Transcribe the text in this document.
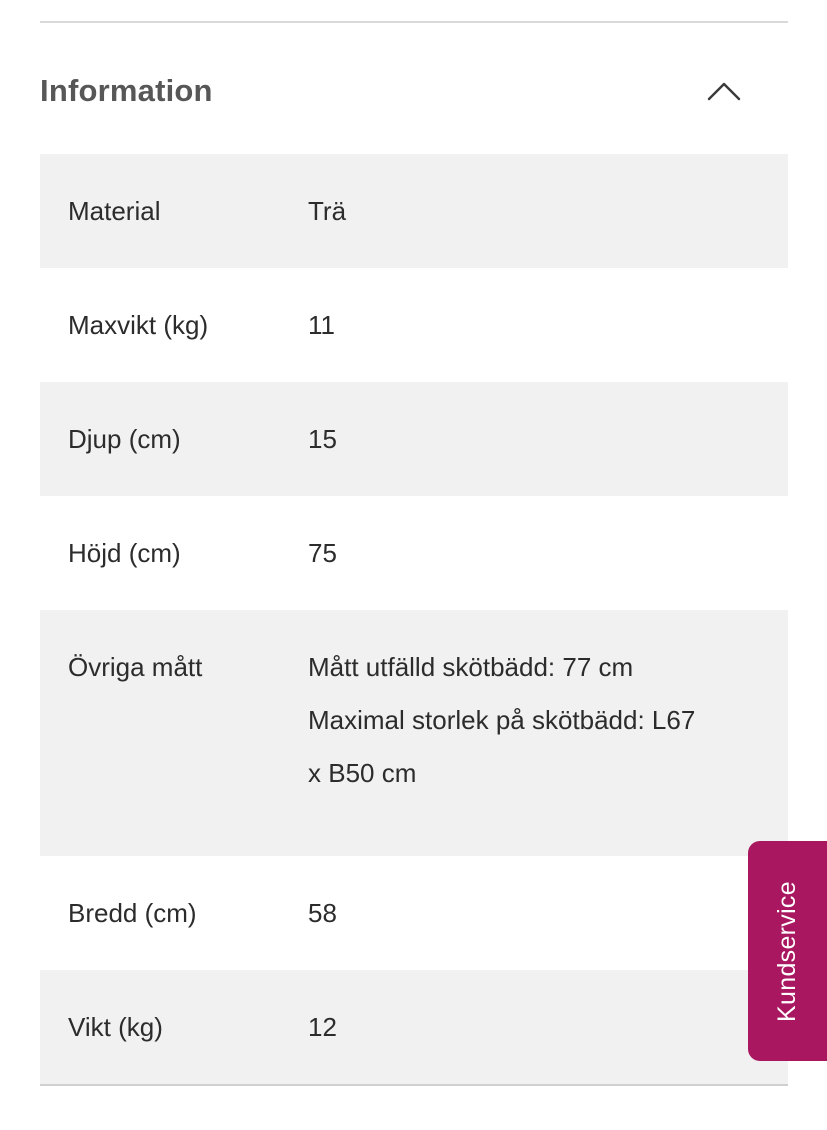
Information
Material	Trä
Maxvikt (kg)	11
Djup (cm)	15
Höjd (cm)	75
Övriga mått	Mått utfälld skötbädd: 77 cm
Maximal storlek på skötbädd: L67
x B50 cm
Bredd (cm)	58
Vikt (kg)	12
Kundservice
